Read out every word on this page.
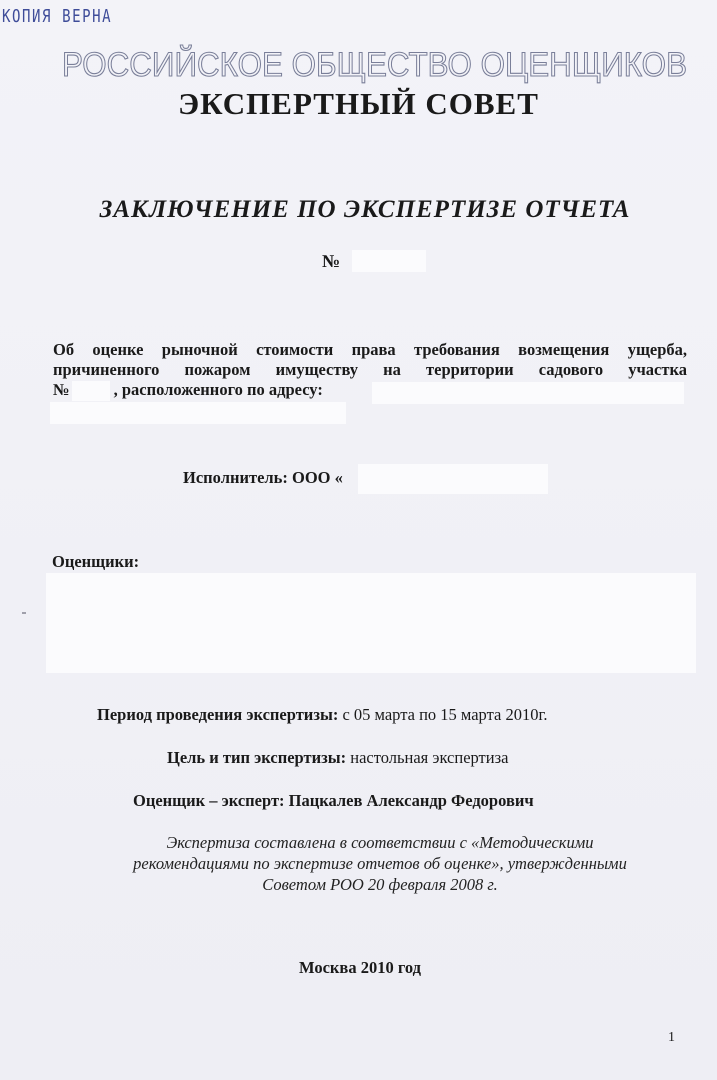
КОПИЯ ВЕРНА
РОССИЙСКОЕ ОБЩЕСТВО ОЦЕНЩИКОВ
ЭКСПЕРТНЫЙ СОВЕТ
ЗАКЛЮЧЕНИЕ ПО ЭКСПЕРТИЗЕ ОТЧЕТА
№
Об оценке рыночной стоимости права требования возмещения ущерба,
причиненного пожаром имуществу на территории садового участка
№	, расположенного по адресу:
Исполнитель: ООО «
Оценщики:
Период проведения экспертизы: с 05 марта по 15 марта 2010г.
Цель и тип экспертизы: настольная экспертиза
Оценщик – эксперт: Пацкалев Александр Федорович
Экспертиза составлена в соответствии с «Методическими
рекомендациями по экспертизе отчетов об оценке», утвержденными
Советом РОО 20 февраля 2008 г.
Москва 2010 год
1
